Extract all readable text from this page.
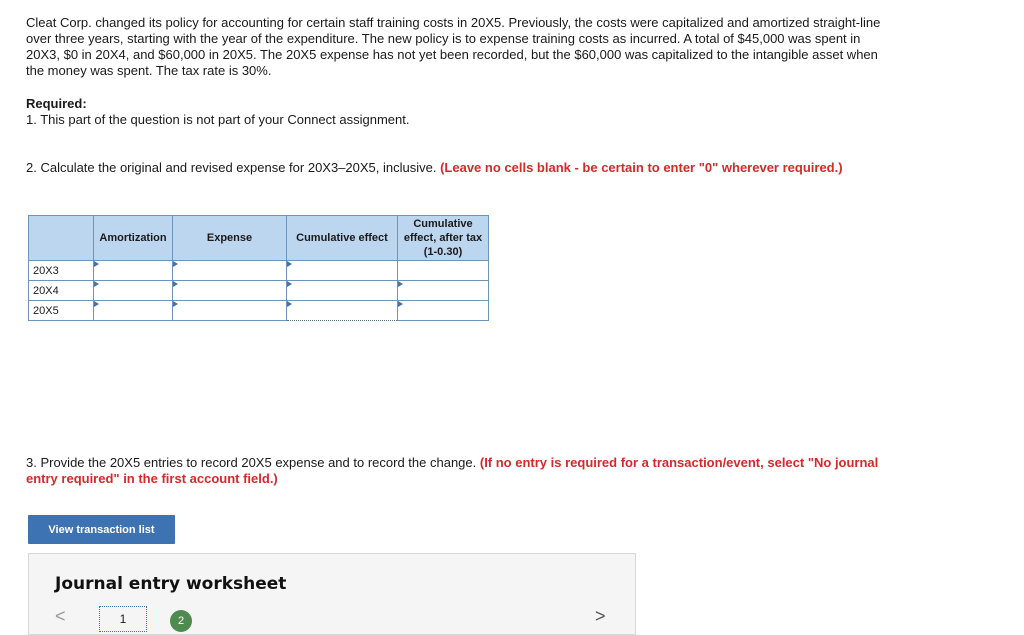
Cleat Corp. changed its policy for accounting for certain staff training costs in 20X5. Previously, the costs were capitalized and amortized straight-line over three years, starting with the year of the expenditure. The new policy is to expense training costs as incurred. A total of $45,000 was spent in 20X3, $0 in 20X4, and $60,000 in 20X5. The 20X5 expense has not yet been recorded, but the $60,000 was capitalized to the intangible asset when the money was spent. The tax rate is 30%.
Required:
1. This part of the question is not part of your Connect assignment.
2. Calculate the original and revised expense for 20X3–20X5, inclusive. (Leave no cells blank - be certain to enter "0" wherever required.)
	Amortization	Expense	Cumulative effect	Cumulative
effect, after tax
(1-0.30)

20X3				
20X4				
20X5				
3. Provide the 20X5 entries to record 20X5 expense and to record the change. (If no entry is required for a transaction/event, select "No journal entry required" in the first account field.)
View transaction list
Journal entry worksheet
<	1	2	>
